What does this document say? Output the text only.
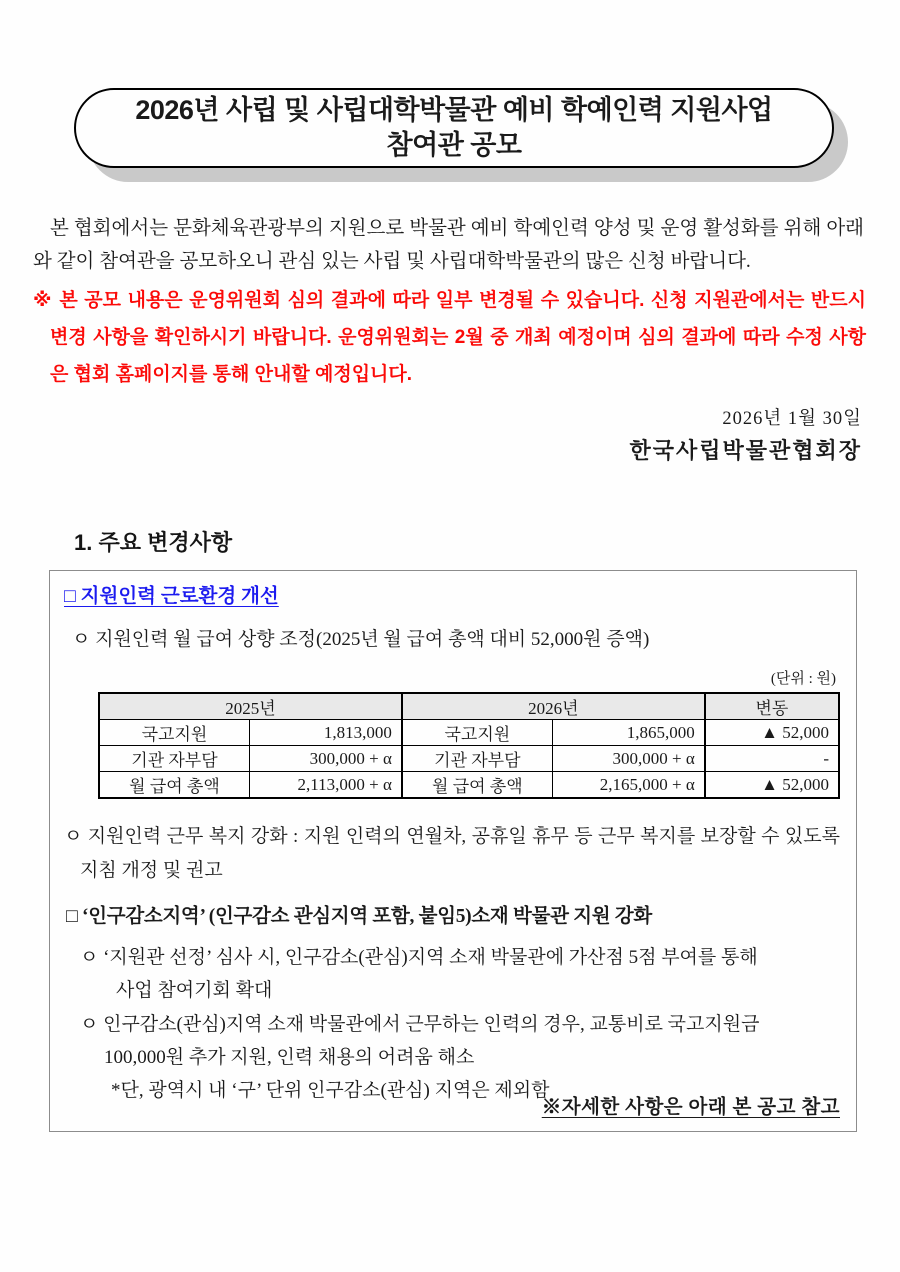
2026년 사립 및 사립대학박물관 예비 학예인력 지원사업
참여관 공모

본 협회에서는 문화체육관광부의 지원으로 박물관 예비 학예인력 양성 및 운영 활성화를 위해 아래와 같이 참여관을 공모하오니 관심 있는 사립 및 사립대학박물관의 많은 신청 바랍니다.

※ 본 공모 내용은 운영위원회 심의 결과에 따라 일부 변경될 수 있습니다. 신청 지원관에서는 반드시 변경 사항을 확인하시기 바랍니다. 운영위원회는 2월 중 개최 예정이며 심의 결과에 따라 수정 사항은 협회 홈페이지를 통해 안내할 예정입니다.

2026년 1월 30일
한국사립박물관협회장
1. 주요 변경사항
□ 지원인력 근로환경 개선
ㅇ 지원인력 월 급여 상향 조정(2025년 월 급여 총액 대비 52,000원 증액)
(단위 : 원)
2025년		2026년		변동
국고지원	1,813,000	국고지원	1,865,000	▲ 52,000
기관 자부담	300,000 + α	기관 자부담	300,000 + α	-
월 급여 총액	2,113,000 + α	월 급여 총액	2,165,000 + α	▲ 52,000
ㅇ 지원인력 근무 복지 강화 : 지원 인력의 연월차, 공휴일 휴무 등 근무 복지를 보장할 수 있도록 지침 개정 및 권고
□ ‘인구감소지역’ (인구감소 관심지역 포함, 붙임5)소재 박물관 지원 강화
ㅇ ‘지원관 선정’ 심사 시, 인구감소(관심)지역 소재 박물관에 가산점 5점 부여를 통해
사업 참여기회 확대
ㅇ 인구감소(관심)지역 소재 박물관에서 근무하는 인력의 경우, 교통비로 국고지원금
100,000원 추가 지원, 인력 채용의 어려움 해소
*단, 광역시 내 ‘구’ 단위 인구감소(관심) 지역은 제외함
※자세한 사항은 아래 본 공고 참고
